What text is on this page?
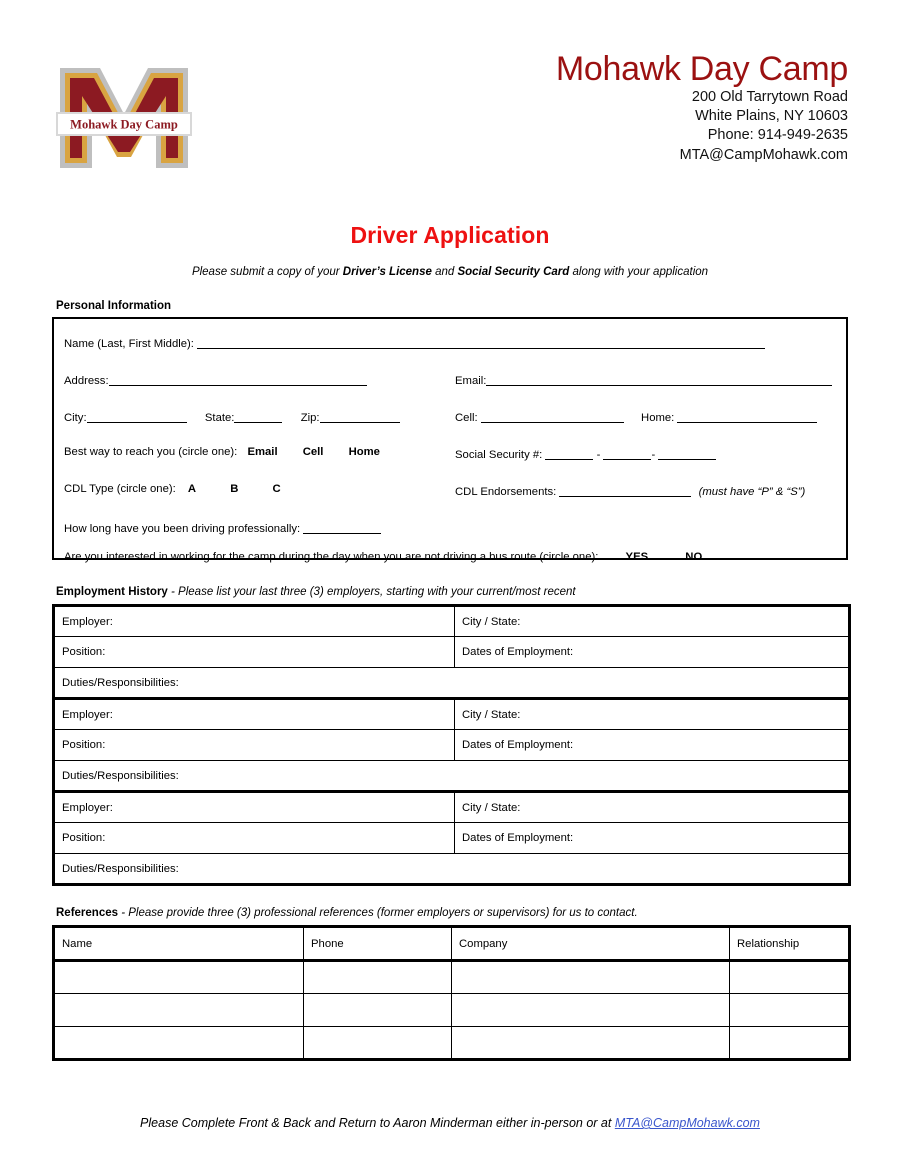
Mohawk Day Camp
Mohawk Day Camp
200 Old Tarrytown Road
White Plains, NY 10603
Phone: 914-949-2635
MTA@CampMohawk.com
Driver Application
Please submit a copy of your Driver’s License and Social Security Card along with your application
Personal Information
Name (Last, First Middle):
Address:	Email:
City:	State:	Zip:	Cell:	Home:
Best way to reach you (circle one): Email Cell Home	Social Security #:	-	-
CDL Type (circle one): A	B	C	CDL Endorsements:	(must have “P” & “S”)
How long have you been driving professionally:
Are you interested in working for the camp during the day when you are not driving a bus route (circle one): YES	NO
Employment History - Please list your last three (3) employers, starting with your current/most recent
Employer:	City / State:
Position:	Dates of Employment:
Duties/Responsibilities:	
Employer:	City / State:
Position:	Dates of Employment:
Duties/Responsibilities:	
Employer:	City / State:
Position:	Dates of Employment:
Duties/Responsibilities:	
References - Please provide three (3) professional references (former employers or supervisors) for us to contact.
Name	Phone	Company	Relationship

Please Complete Front & Back and Return to Aaron Minderman either in-person or at MTA@CampMohawk.com
